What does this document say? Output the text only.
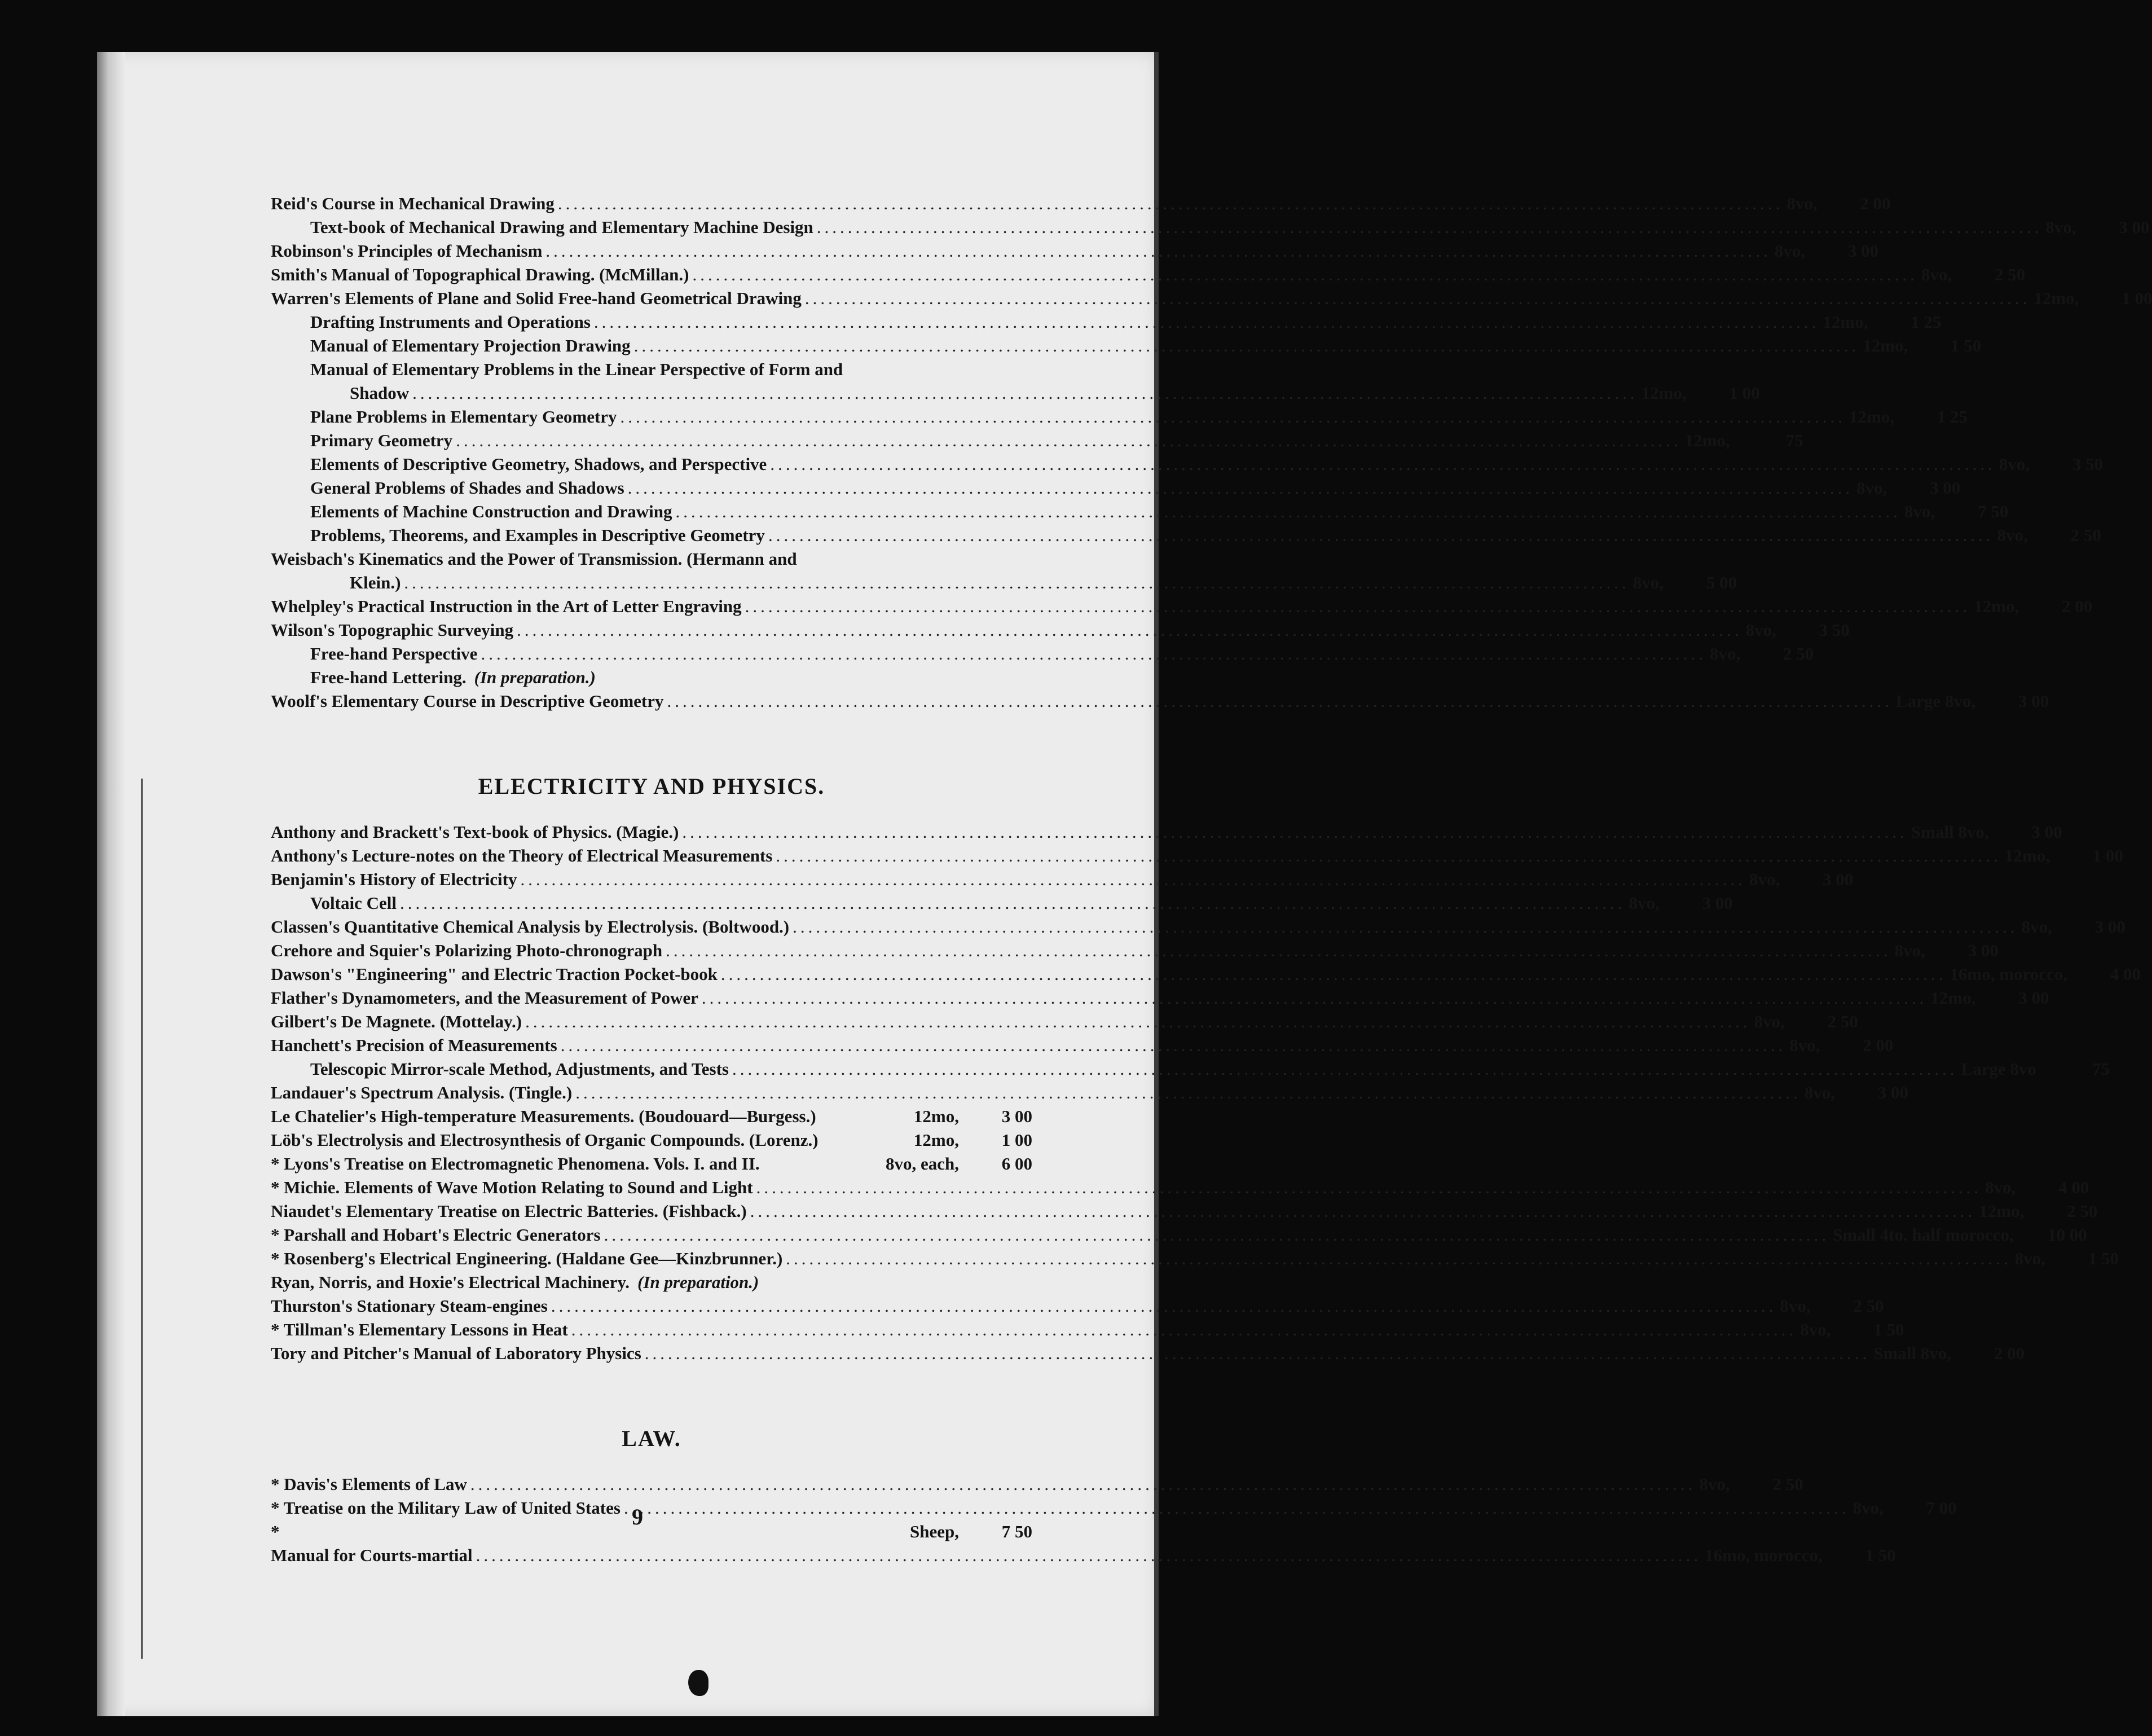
Reid's Course in Mechanical Drawing .....	8vo,	2 00
Text-book of Mechanical Drawing and Elementary Machine Design .....	8vo,	3 00
Robinson's Principles of Mechanism .....	8vo,	3 00
Smith's Manual of Topographical Drawing. (McMillan.) .....	8vo,	2 50
Warren's Elements of Plane and Solid Free-hand Geometrical Drawing .....	12mo,	1 00
Drafting Instruments and Operations .....	12mo,	1 25
Manual of Elementary Projection Drawing .....	12mo,	1 50
Manual of Elementary Problems in the Linear Perspective of Form and
Shadow .....	12mo,	1 00
Plane Problems in Elementary Geometry .....	12mo,	1 25
Primary Geometry .....	12mo,	75
Elements of Descriptive Geometry, Shadows, and Perspective .....	8vo,	3 50
General Problems of Shades and Shadows .....	8vo,	3 00
Elements of Machine Construction and Drawing .....	8vo,	7 50
Problems, Theorems, and Examples in Descriptive Geometry .....	8vo,	2 50
Weisbach's Kinematics and the Power of Transmission. (Hermann and
Klein.) .....	8vo,	5 00
Whelpley's Practical Instruction in the Art of Letter Engraving .....	12mo,	2 00
Wilson's Topographic Surveying .....	8vo,	3 50
Free-hand Perspective .....	8vo,	2 50
Free-hand Lettering. (In preparation.)
Woolf's Elementary Course in Descriptive Geometry .....	Large 8vo,	3 00
ELECTRICITY AND PHYSICS.
Anthony and Brackett's Text-book of Physics. (Magie.) .....	Small 8vo,	3 00
Anthony's Lecture-notes on the Theory of Electrical Measurements .....	12mo,	1 00
Benjamin's History of Electricity .....	8vo,	3 00
Voltaic Cell .....	8vo,	3 00
Classen's Quantitative Chemical Analysis by Electrolysis. (Boltwood.) .....	8vo,	3 00
Crehore and Squier's Polarizing Photo-chronograph .....	8vo,	3 00
Dawson's "Engineering" and Electric Traction Pocket-book .....	16mo, morocco,	4 00
Flather's Dynamometers, and the Measurement of Power .....	12mo,	3 00
Gilbert's De Magnete. (Mottelay.) .....	8vo,	2 50
Hanchett's Precision of Measurements .....	8vo,	2 00
Telescopic Mirror-scale Method, Adjustments, and Tests .....	Large 8vo	75
Landauer's Spectrum Analysis. (Tingle.) .....	8vo,	3 00
Le Chatelier's High-temperature Measurements. (Boudouard—Burgess.)	12mo,	3 00
Löb's Electrolysis and Electrosynthesis of Organic Compounds. (Lorenz.)	12mo,	1 00
* Lyons's Treatise on Electromagnetic Phenomena. Vols. I. and II.	8vo, each,	6 00
* Michie. Elements of Wave Motion Relating to Sound and Light .....	8vo,	4 00
Niaudet's Elementary Treatise on Electric Batteries. (Fishback.) .....	12mo,	2 50
* Parshall and Hobart's Electric Generators .....	Small 4to. half morocco,	10 00
* Rosenberg's Electrical Engineering. (Haldane Gee—Kinzbrunner.) .....	8vo,	1 50
Ryan, Norris, and Hoxie's Electrical Machinery. (In preparation.)
Thurston's Stationary Steam-engines .....	8vo,	2 50
* Tillman's Elementary Lessons in Heat .....	8vo,	1 50
Tory and Pitcher's Manual of Laboratory Physics .....	Small 8vo,	2 00
LAW.
* Davis's Elements of Law .....	8vo,	2 50
* Treatise on the Military Law of United States .....	8vo,	7 00
*	Sheep,	7 50
Manual for Courts-martial .....	16mo, morocco,	1 50
9
